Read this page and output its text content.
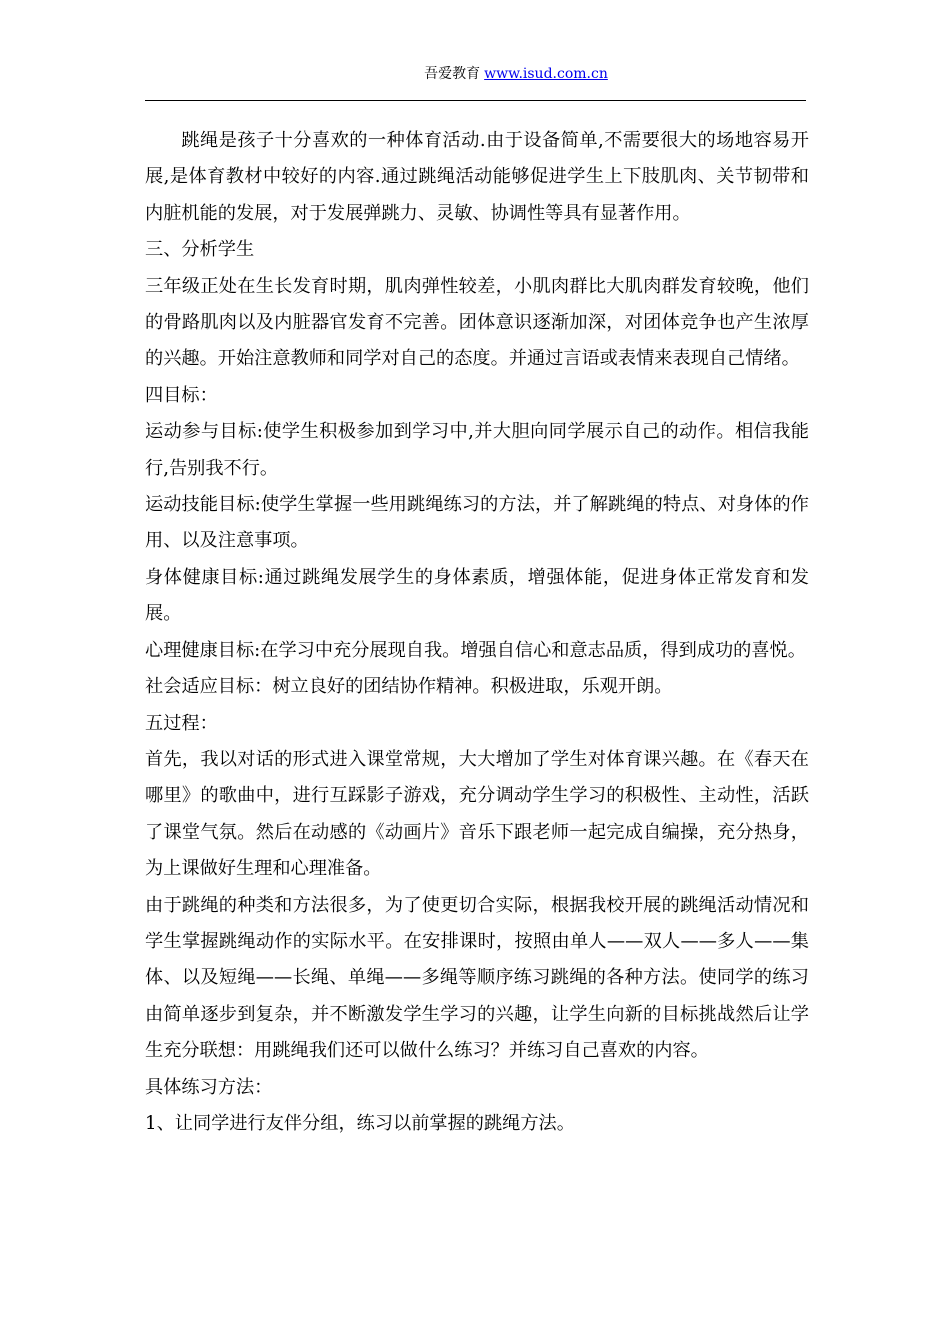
吾爱教育 www.isud.com.cn

跳绳是孩子十分喜欢的一种体育活动.由于设备简单,不需要很大的场地容易开展,是体育教材中较好的内容.通过跳绳活动能够促进学生上下肢肌肉、关节韧带和内脏机能的发展，对于发展弹跳力、灵敏、协调性等具有显著作用。

三、分析学生

三年级正处在生长发育时期，肌肉弹性较差，小肌肉群比大肌肉群发育较晚，他们的骨路肌肉以及内脏器官发育不完善。团体意识逐渐加深，对团体竞争也产生浓厚的兴趣。开始注意教师和同学对自己的态度。并通过言语或表情来表现自己情绪。

四目标：

运动参与目标:使学生积极参加到学习中,并大胆向同学展示自己的动作。相信我能行,告别我不行。

运动技能目标:使学生掌握一些用跳绳练习的方法，并了解跳绳的特点、对身体的作用、以及注意事项。

身体健康目标:通过跳绳发展学生的身体素质，增强体能，促进身体正常发育和发展。

心理健康目标:在学习中充分展现自我。增强自信心和意志品质，得到成功的喜悦。

社会适应目标：树立良好的团结协作精神。积极进取，乐观开朗。

五过程：

首先，我以对话的形式进入课堂常规，大大增加了学生对体育课兴趣。在《春天在哪里》的歌曲中，进行互踩影子游戏，充分调动学生学习的积极性、主动性，活跃了课堂气氛。然后在动感的《动画片》音乐下跟老师一起完成自编操，充分热身，为上课做好生理和心理准备。

由于跳绳的种类和方法很多，为了使更切合实际，根据我校开展的跳绳活动情况和学生掌握跳绳动作的实际水平。在安排课时，按照由单人——双人——多人——集体、以及短绳——长绳、单绳——多绳等顺序练习跳绳的各种方法。使同学的练习由简单逐步到复杂，并不断激发学生学习的兴趣，让学生向新的目标挑战然后让学生充分联想：用跳绳我们还可以做什么练习？并练习自己喜欢的内容。

具体练习方法：

1、让同学进行友伴分组，练习以前掌握的跳绳方法。
